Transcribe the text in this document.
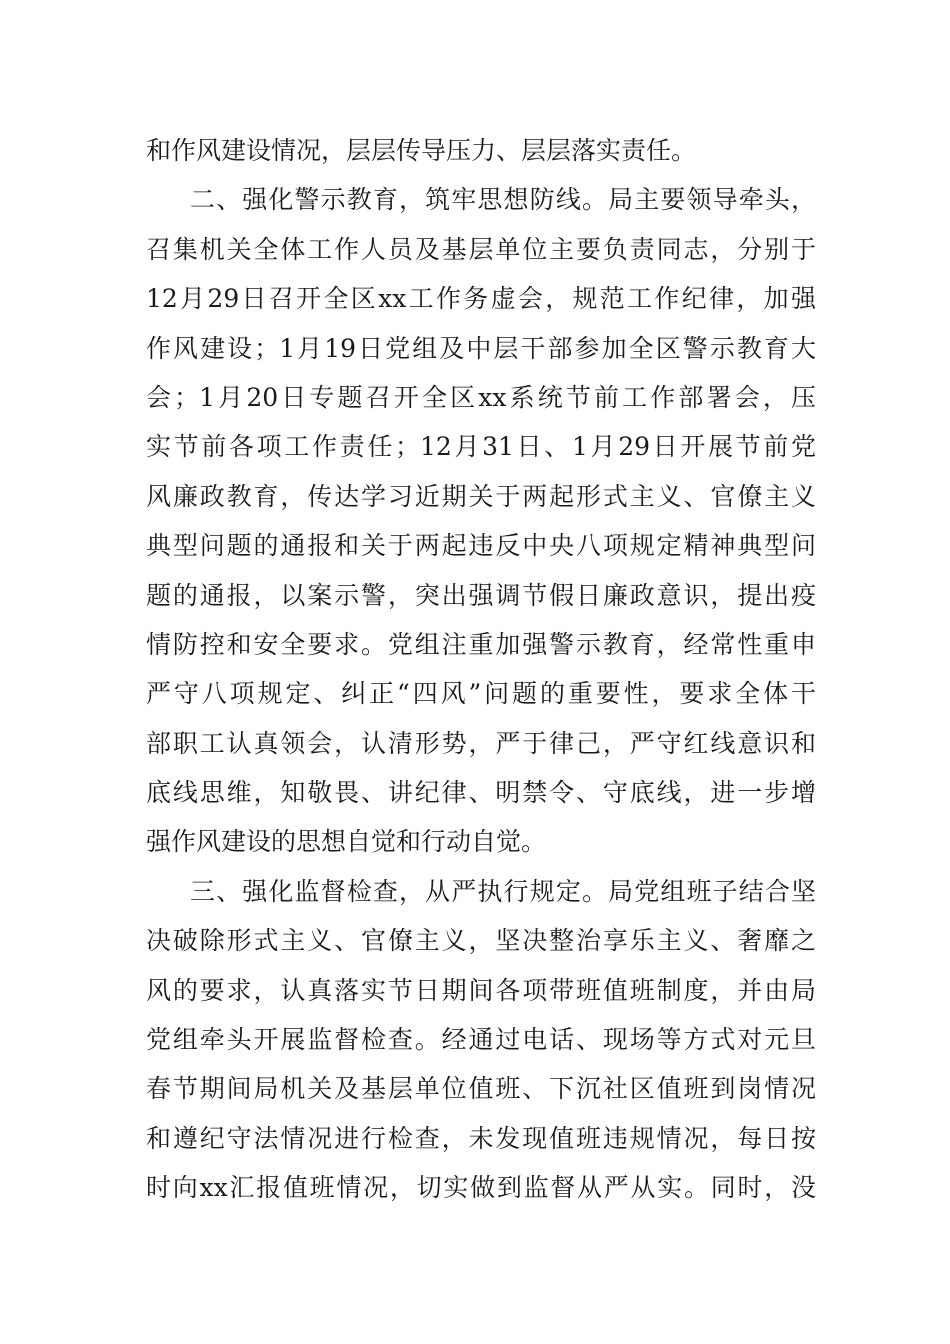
和作风建设情况，层层传导压力、层层落实责任。
二、强化警示教育，筑牢思想防线。局主要领导牵头，
召集机关全体工作人员及基层单位主要负责同志，分别于
12月29日召开全区xx工作务虚会，规范工作纪律，加强
作风建设；1月19日党组及中层干部参加全区警示教育大
会；1月20日专题召开全区xx系统节前工作部署会，压
实节前各项工作责任；12月31日、1月29日开展节前党
风廉政教育，传达学习近期关于两起形式主义、官僚主义
典型问题的通报和关于两起违反中央八项规定精神典型问
题的通报，以案示警，突出强调节假日廉政意识，提出疫
情防控和安全要求。党组注重加强警示教育，经常性重申
严守八项规定、纠正“四风”问题的重要性，要求全体干
部职工认真领会，认清形势，严于律己，严守红线意识和
底线思维，知敬畏、讲纪律、明禁令、守底线，进一步增
强作风建设的思想自觉和行动自觉。
三、强化监督检查，从严执行规定。局党组班子结合坚
决破除形式主义、官僚主义，坚决整治享乐主义、奢靡之
风的要求，认真落实节日期间各项带班值班制度，并由局
党组牵头开展监督检查。经通过电话、现场等方式对元旦
春节期间局机关及基层单位值班、下沉社区值班到岗情况
和遵纪守法情况进行检查，未发现值班违规情况，每日按
时向xx汇报值班情况，切实做到监督从严从实。同时，没
